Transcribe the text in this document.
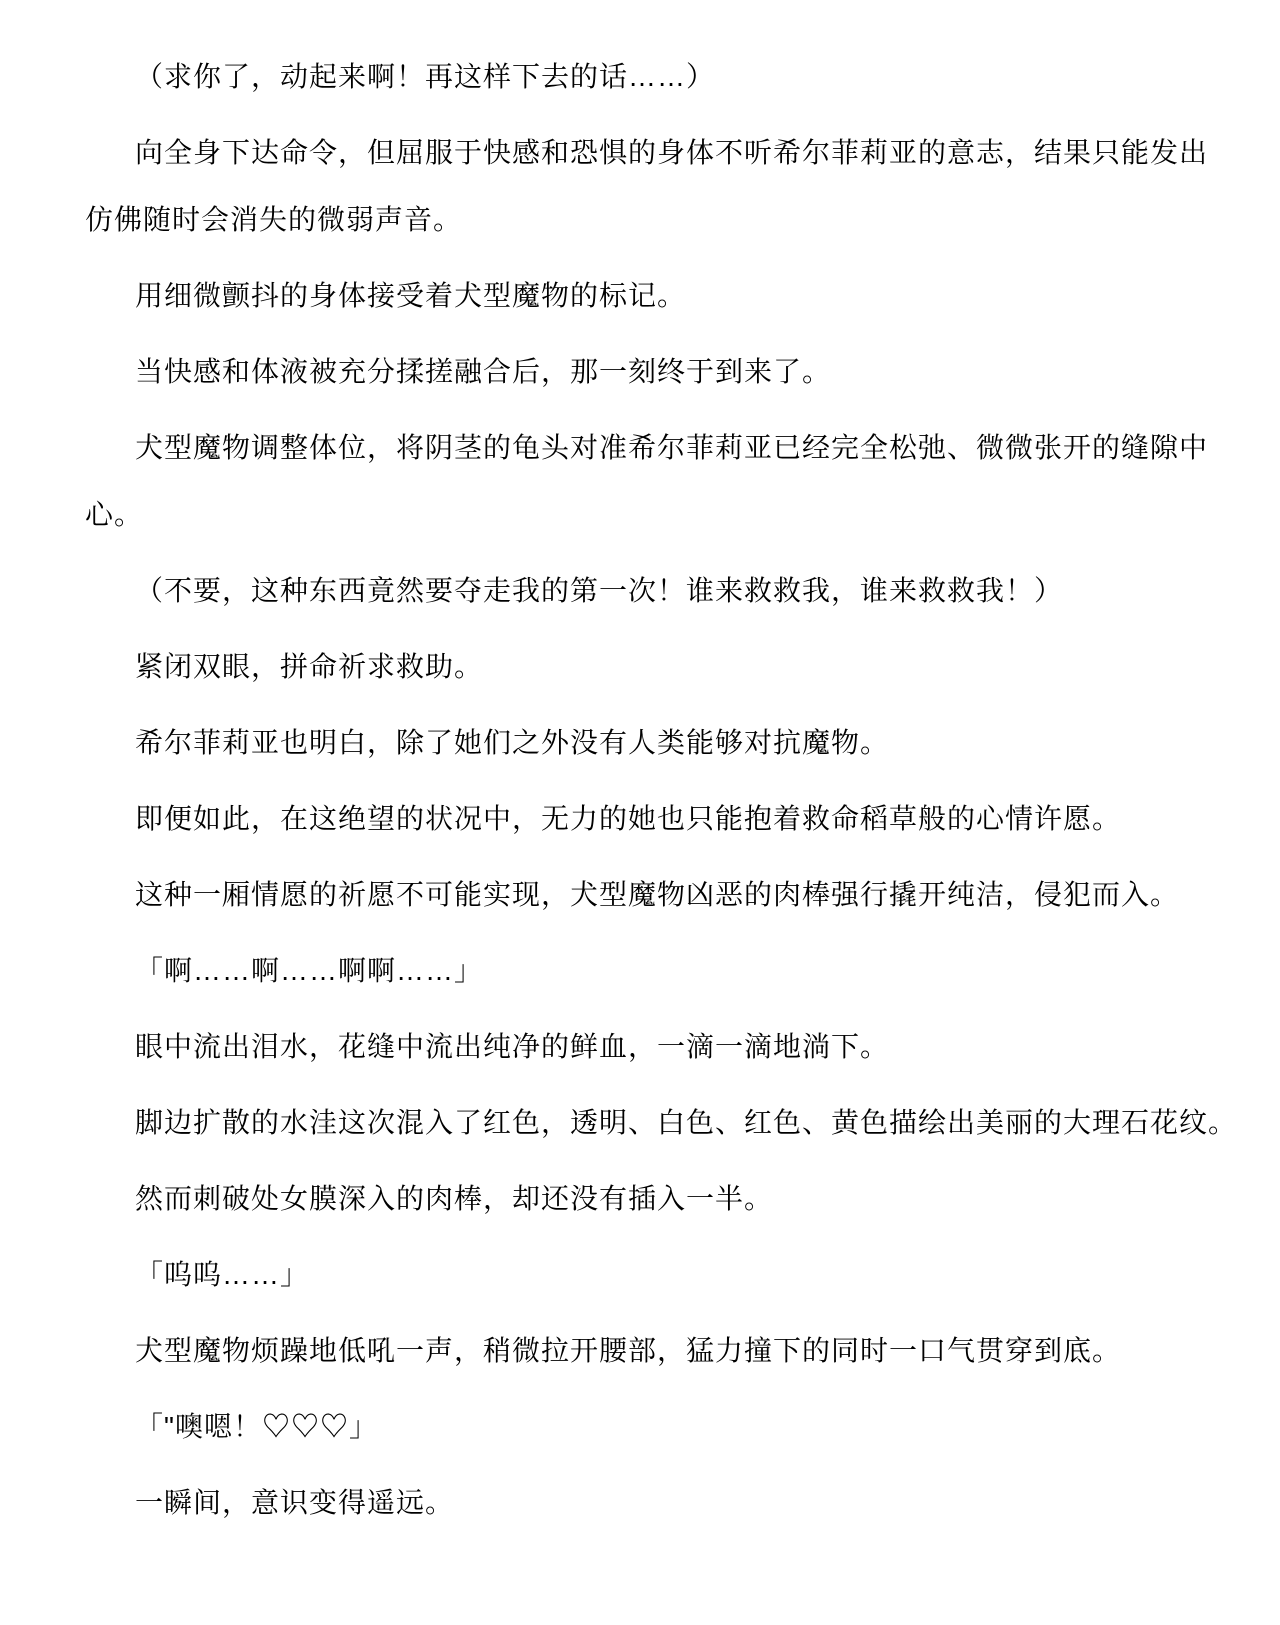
（求你了，动起来啊！再这样下去的话……）
向全身下达命令，但屈服于快感和恐惧的身体不听希尔菲莉亚的意志，结果只能发出
仿佛随时会消失的微弱声音。
用细微颤抖的身体接受着犬型魔物的标记。
当快感和体液被充分揉搓融合后，那一刻终于到来了。
犬型魔物调整体位，将阴茎的龟头对准希尔菲莉亚已经完全松弛、微微张开的缝隙中
心。
（不要，这种东西竟然要夺走我的第一次！谁来救救我，谁来救救我！）
紧闭双眼，拼命祈求救助。
希尔菲莉亚也明白，除了她们之外没有人类能够对抗魔物。
即便如此，在这绝望的状况中，无力的她也只能抱着救命稻草般的心情许愿。
这种一厢情愿的祈愿不可能实现，犬型魔物凶恶的肉棒强行撬开纯洁，侵犯而入。
「啊……啊……啊啊……」
眼中流出泪水，花缝中流出纯净的鲜血，一滴一滴地淌下。
脚边扩散的水洼这次混入了红色，透明、白色、红色、黄色描绘出美丽的大理石花纹。
然而刺破处女膜深入的肉棒，却还没有插入一半。
「呜呜……」
犬型魔物烦躁地低吼一声，稍微拉开腰部，猛力撞下的同时一口气贯穿到底。
「"噢嗯！♡♡♡」
一瞬间，意识变得遥远。
